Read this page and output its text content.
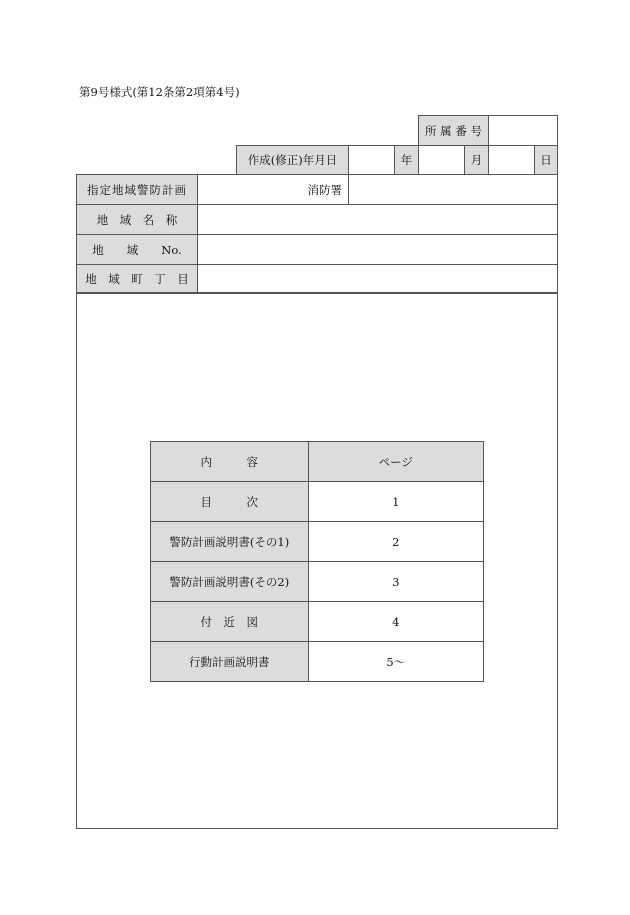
第9号様式(第12条第2項第4号)
所 属 番 号
作成(修正)年月日	年	月	日
指定地域警防計画	消防署
地　域　名　称
地　　域　　No.
地　域　町　丁　目
内　　　容	ページ
目　　　次	1
警防計画説明書(その1)	2
警防計画説明書(その2)	3
付　近　図	4
行動計画説明書	5〜
